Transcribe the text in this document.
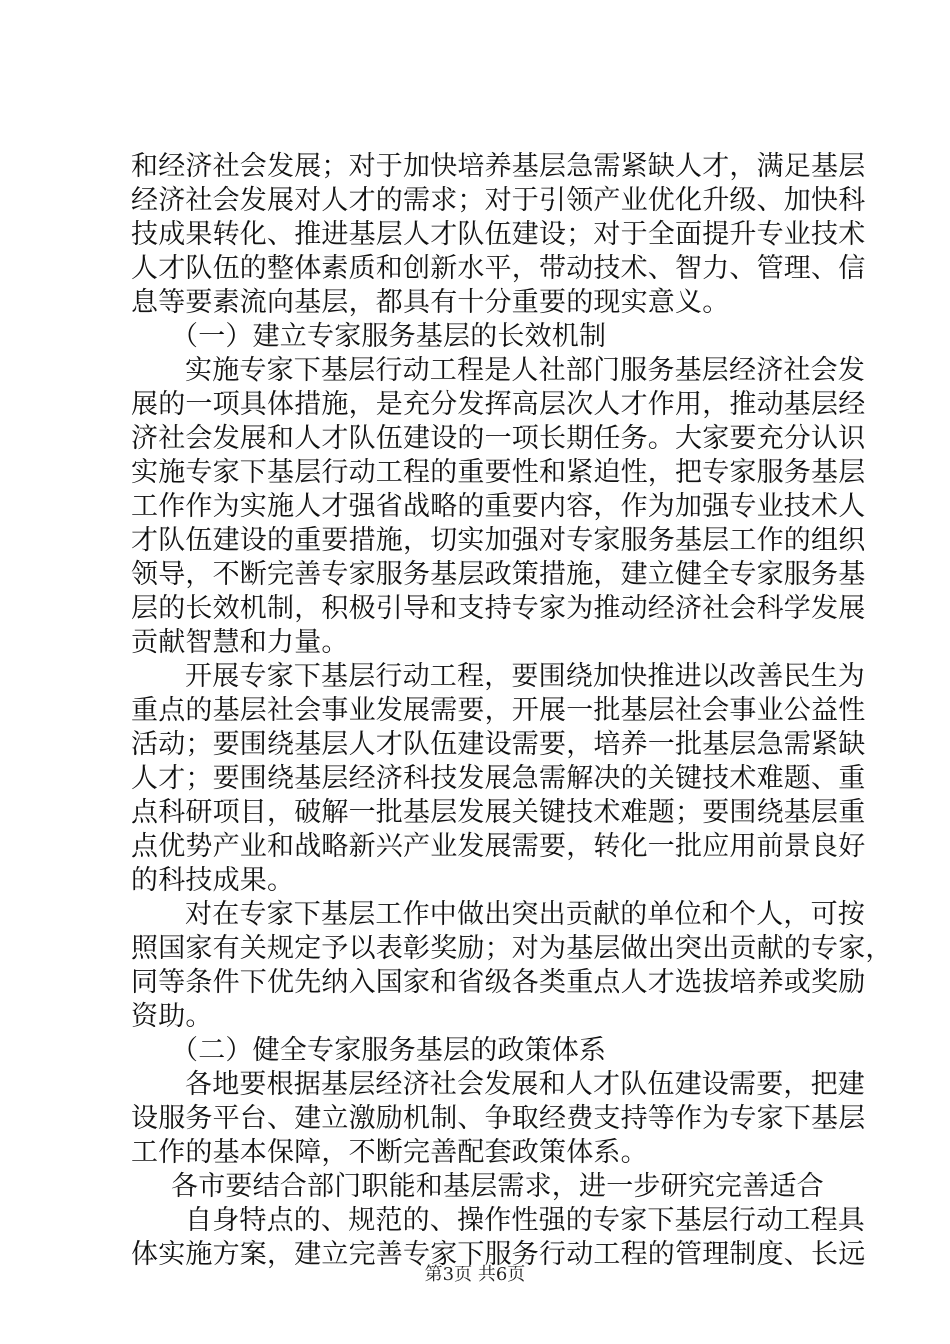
和经济社会发展；对于加快培养基层急需紧缺人才，满足基层
经济社会发展对人才的需求；对于引领产业优化升级、加快科
技成果转化、推进基层人才队伍建设；对于全面提升专业技术
人才队伍的整体素质和创新水平，带动技术、智力、管理、信
息等要素流向基层，都具有十分重要的现实意义。
（一）建立专家服务基层的长效机制
实施专家下基层行动工程是人社部门服务基层经济社会发
展的一项具体措施，是充分发挥高层次人才作用，推动基层经
济社会发展和人才队伍建设的一项长期任务。大家要充分认识
实施专家下基层行动工程的重要性和紧迫性，把专家服务基层
工作作为实施人才强省战略的重要内容，作为加强专业技术人
才队伍建设的重要措施，切实加强对专家服务基层工作的组织
领导，不断完善专家服务基层政策措施，建立健全专家服务基
层的长效机制，积极引导和支持专家为推动经济社会科学发展
贡献智慧和力量。
开展专家下基层行动工程，要围绕加快推进以改善民生为
重点的基层社会事业发展需要，开展一批基层社会事业公益性
活动；要围绕基层人才队伍建设需要，培养一批基层急需紧缺
人才；要围绕基层经济科技发展急需解决的关键技术难题、重
点科研项目，破解一批基层发展关键技术难题；要围绕基层重
点优势产业和战略新兴产业发展需要，转化一批应用前景良好
的科技成果。
对在专家下基层工作中做出突出贡献的单位和个人，可按
照国家有关规定予以表彰奖励；对为基层做出突出贡献的专家，
同等条件下优先纳入国家和省级各类重点人才选拔培养或奖励
资助。
（二）健全专家服务基层的政策体系
各地要根据基层经济社会发展和人才队伍建设需要，把建
设服务平台、建立激励机制、争取经费支持等作为专家下基层
工作的基本保障，不断完善配套政策体系。
各市要结合部门职能和基层需求，进一步研究完善适合
自身特点的、规范的、操作性强的专家下基层行动工程具
体实施方案，建立完善专家下服务行动工程的管理制度、长远
第3页 共6页
